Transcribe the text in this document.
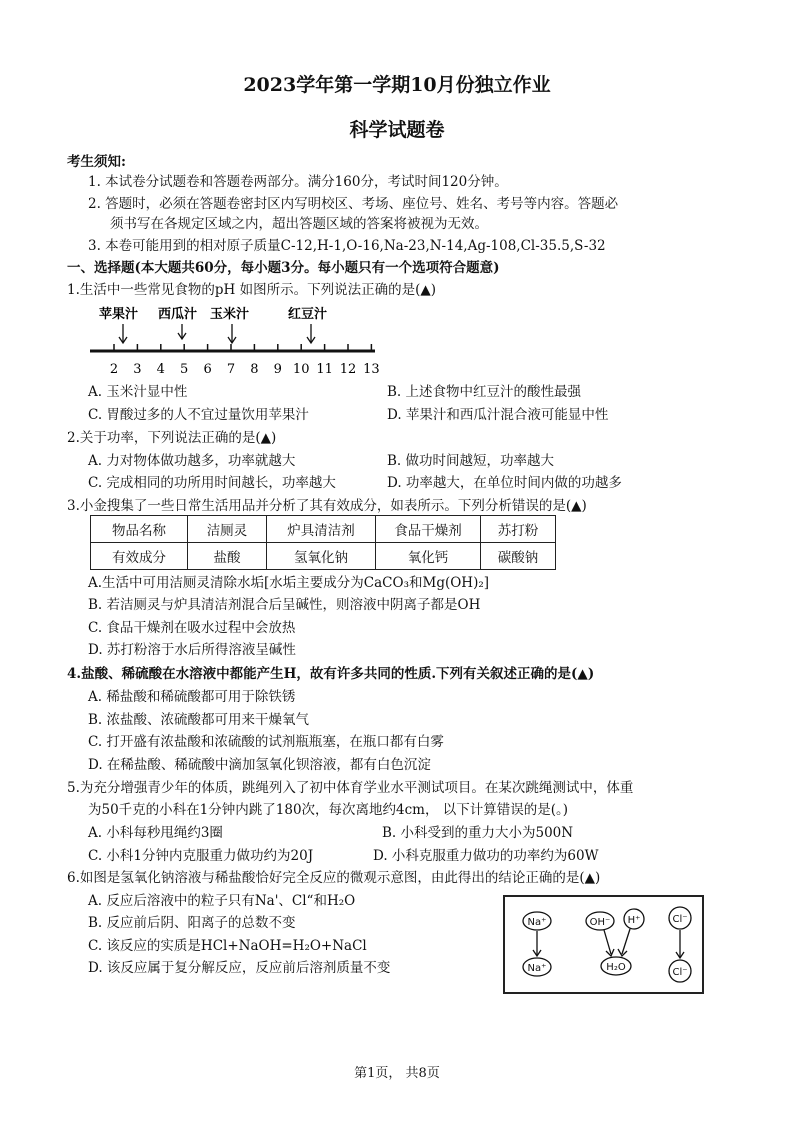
2023学年第一学期10月份独立作业
科学试题卷
考生须知:
1. 本试卷分试题卷和答题卷两部分。满分160分，考试时间120分钟。
2. 答题时，必须在答题卷密封区内写明校区、考场、座位号、姓名、考号等内容。答题必
须书写在各规定区域之内，超出答题区域的答案将被视为无效。
3. 本卷可能用到的相对原子质量C-12,H-1,O-16,Na-23,N-14,Ag-108,Cl-35.5,S-32
一、选择题(本大题共60分，每小题3分。每小题只有一个选项符合题意)
1.生活中一些常见食物的pH 如图所示。下列说法正确的是(▲)
苹果汁 西瓜汁 玉米汁	红豆汁
2 3 4 5 6 7 8 9 10 11 12 13
A. 玉米汁显中性	B. 上述食物中红豆汁的酸性最强
C. 胃酸过多的人不宜过量饮用苹果汁	D. 苹果汁和西瓜汁混合液可能显中性
2.关于功率，下列说法正确的是(▲)
A. 力对物体做功越多，功率就越大	B. 做功时间越短，功率越大
C. 完成相同的功所用时间越长，功率越大	D. 功率越大，在单位时间内做的功越多
3.小金搜集了一些日常生活用品并分析了其有效成分，如表所示。下列分析错误的是(▲)
物品名称	洁厕灵	炉具清洁剂	食品干燥剂	苏打粉
有效成分	盐酸	氢氧化钠	氧化钙	碳酸钠
A.生活中可用洁厕灵清除水垢[水垢主要成分为CaCO₃和Mg(OH)₂]
B. 若洁厕灵与炉具清洁剂混合后呈碱性，则溶液中阴离子都是OH
C. 食品干燥剂在吸水过程中会放热
D. 苏打粉溶于水后所得溶液呈碱性
4.盐酸、稀硫酸在水溶液中都能产生H，故有许多共同的性质.下列有关叙述正确的是(▲)
A. 稀盐酸和稀硫酸都可用于除铁锈
B. 浓盐酸、浓硫酸都可用来干燥氧气
C. 打开盛有浓盐酸和浓硫酸的试剂瓶瓶塞，在瓶口都有白雾
D. 在稀盐酸、稀硫酸中滴加氢氧化钡溶液，都有白色沉淀
5.为充分增强青少年的体质，跳绳列入了初中体育学业水平测试项目。在某次跳绳测试中，体重
为50千克的小科在1分钟内跳了180次，每次离地约4cm， 以下计算错误的是(。)
A. 小科每秒甩绳约3圈	B. 小科受到的重力大小为500N
C. 小科1分钟内克服重力做功约为20J	D. 小科克服重力做功的功率约为60W
6.如图是氢氧化钠溶液与稀盐酸恰好完全反应的微观示意图，由此得出的结论正确的是(▲)
A. 反应后溶液中的粒子只有Na'、Cl“和H₂O
B. 反应前后阴、阳离子的总数不变
C. 该反应的实质是HCl+NaOH=H₂O+NaCl
D. 该反应属于复分解反应，反应前后溶剂质量不变
Na⁺	OH⁻ H⁺	Cl⁻
Na⁺	H₂O	Cl⁻
第1页， 共8页
